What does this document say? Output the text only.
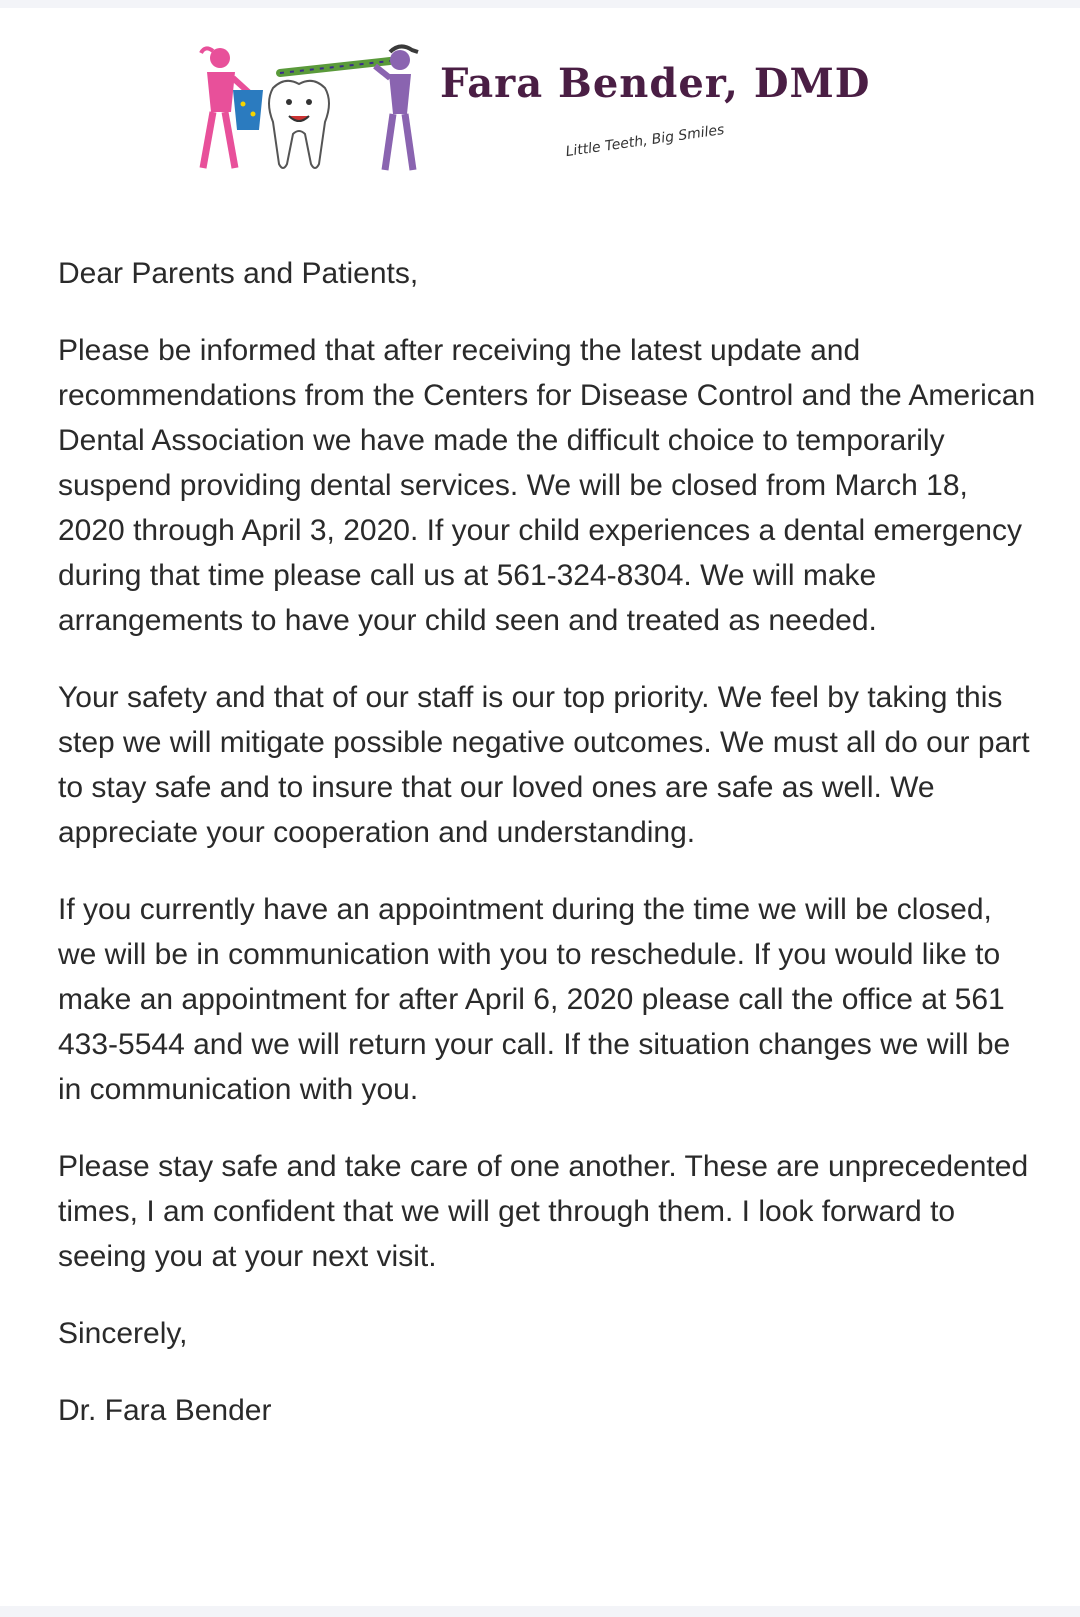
Fara Bender, DMD
Little Teeth, Big Smiles

Dear Parents and Patients,

Please be informed that after receiving the latest update and recommendations from the Centers for Disease Control and the American Dental Association we have made the difficult choice to temporarily suspend providing dental services. We will be closed from March 18, 2020 through April 3, 2020. If your child experiences a dental emergency during that time please call us at 561-324-8304. We will make arrangements to have your child seen and treated as needed.

Your safety and that of our staff is our top priority. We feel by taking this step we will mitigate possible negative outcomes. We must all do our part to stay safe and to insure that our loved ones are safe as well. We appreciate your cooperation and understanding.

If you currently have an appointment during the time we will be closed, we will be in communication with you to reschedule. If you would like to make an appointment for after April 6, 2020 please call the office at 561 433-5544 and we will return your call. If the situation changes we will be in communication with you.

Please stay safe and take care of one another. These are unprecedented times, I am confident that we will get through them. I look forward to seeing you at your next visit.

Sincerely,

Dr. Fara Bender
